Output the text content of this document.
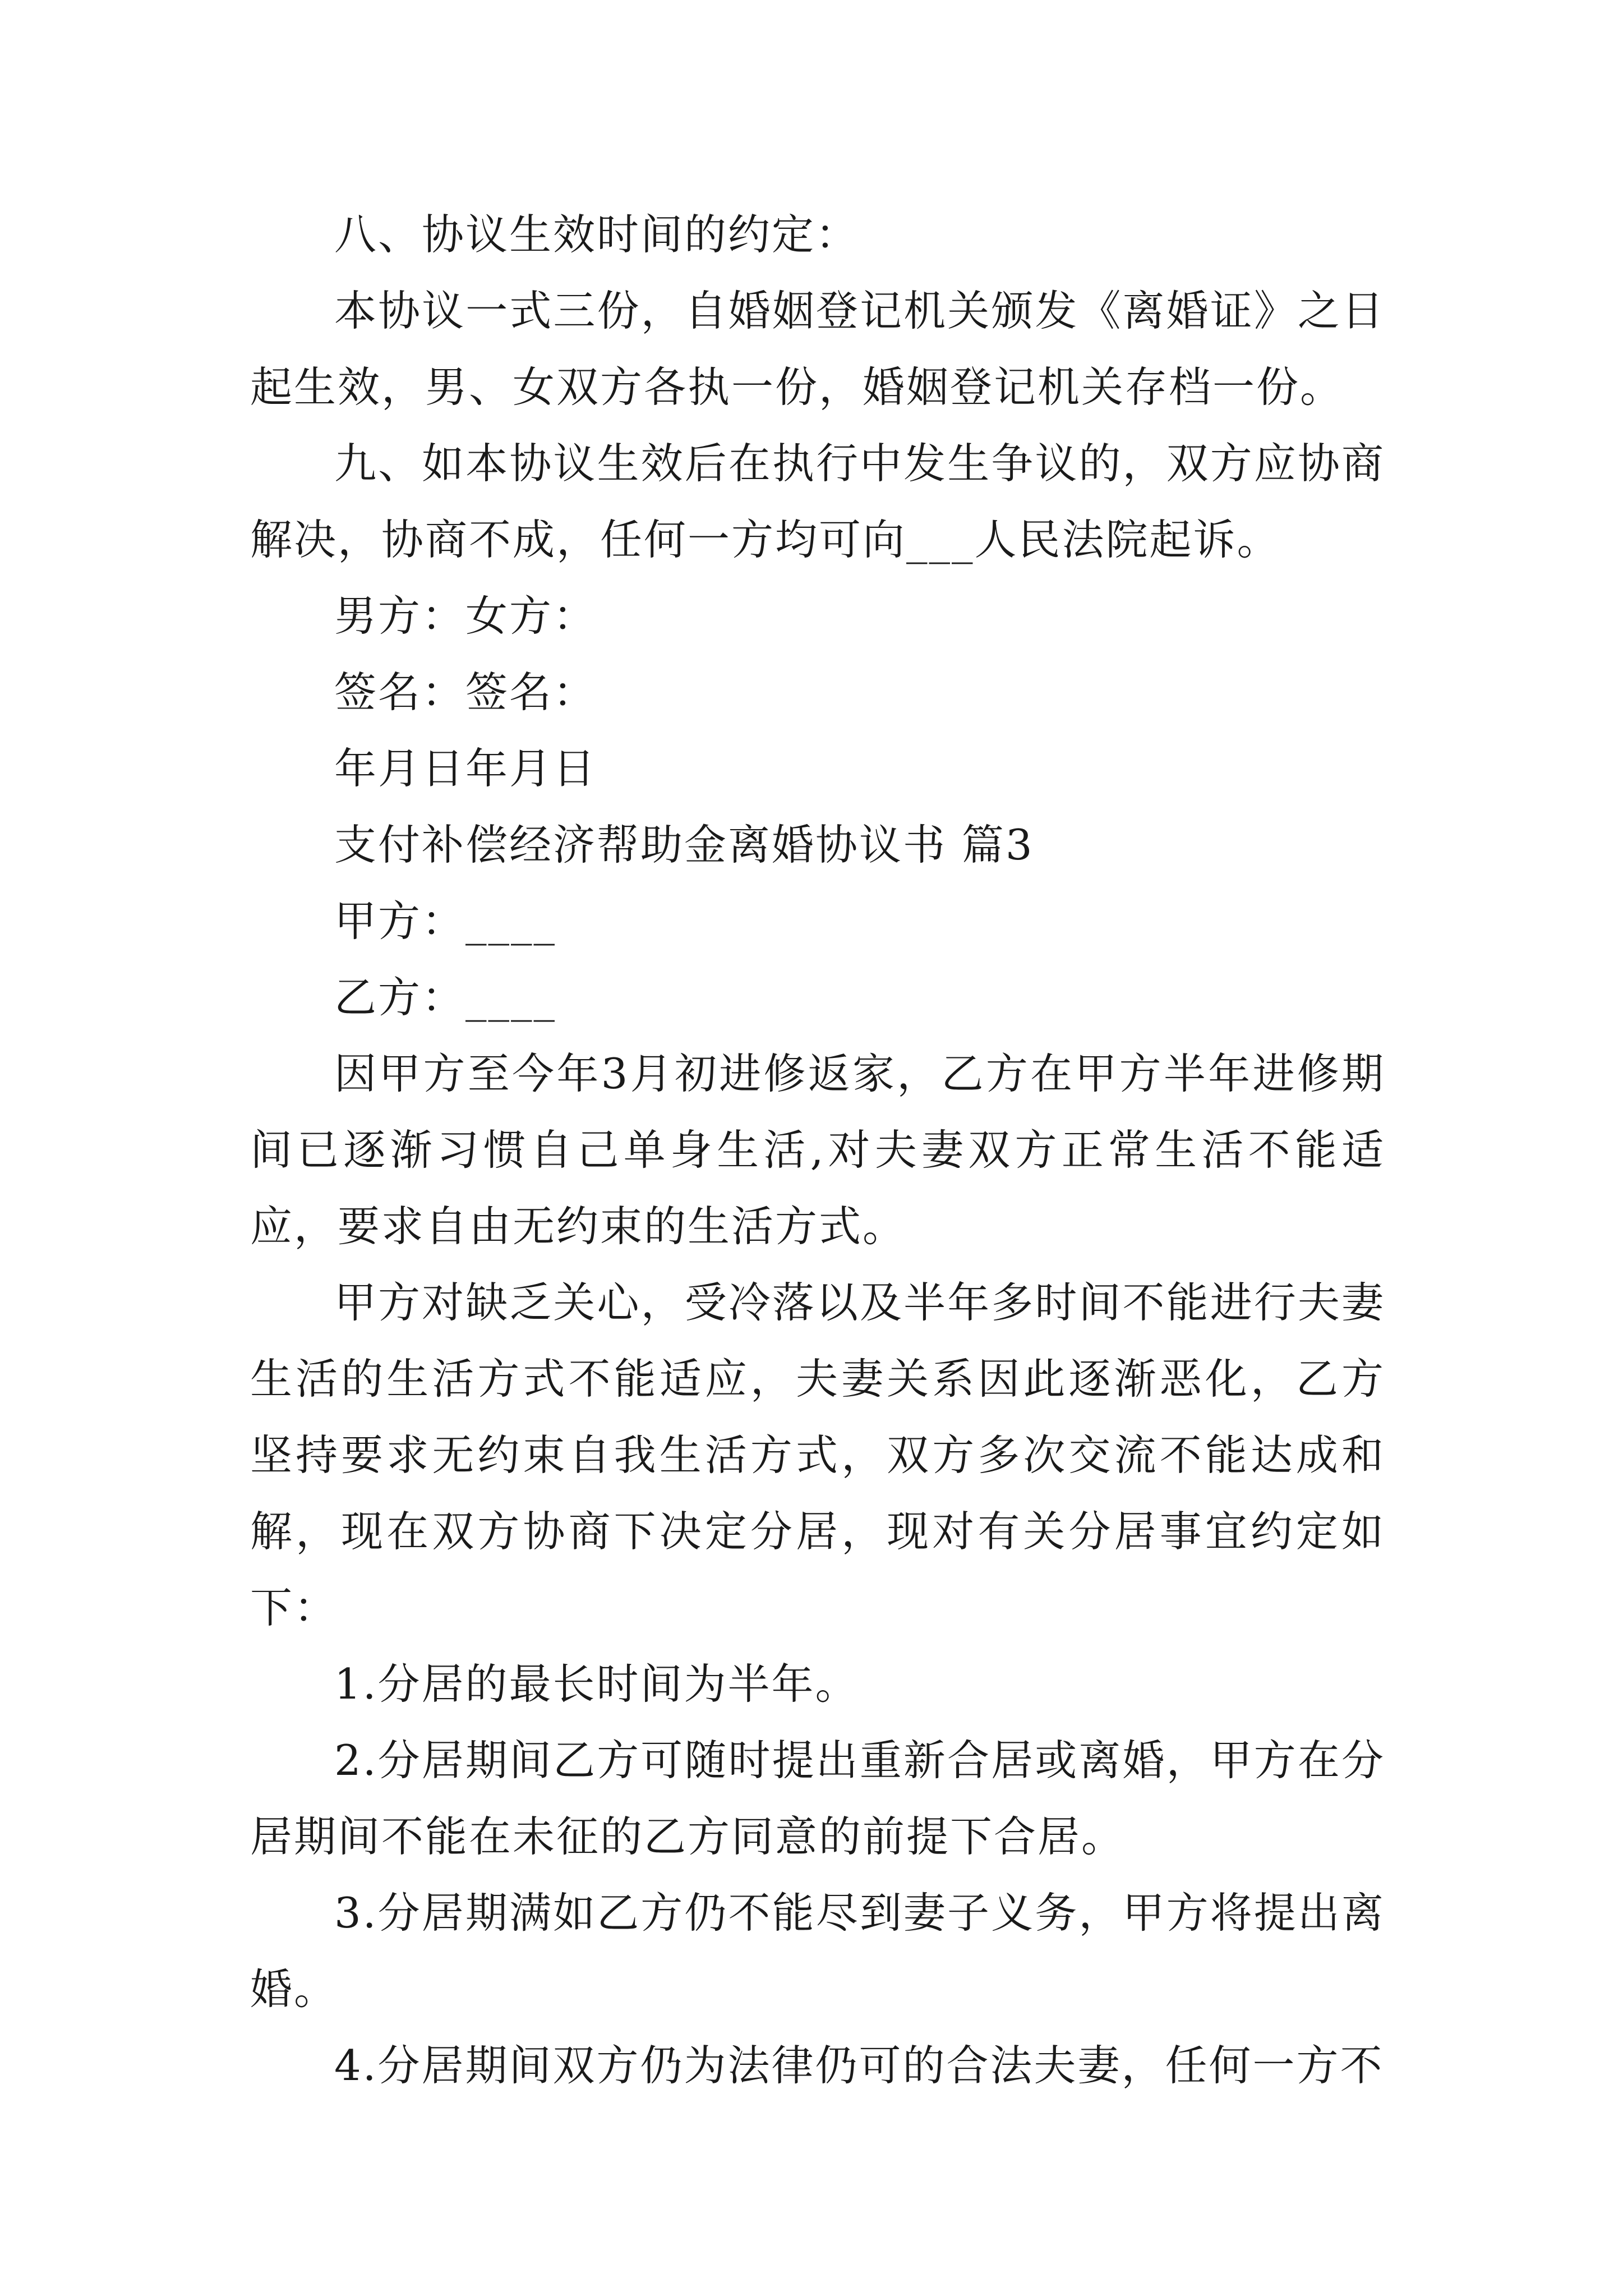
八、协议生效时间的约定：

本协议一式三份，自婚姻登记机关颁发《离婚证》之日起生效，男、女双方各执一份，婚姻登记机关存档一份。

九、如本协议生效后在执行中发生争议的，双方应协商解决，协商不成，任何一方均可向___人民法院起诉。

男方：女方：

签名：签名：

年月日年月日

支付补偿经济帮助金离婚协议书 篇3

甲方：____

乙方：____

因甲方至今年3月初进修返家，乙方在甲方半年进修期间已逐渐习惯自己单身生活,对夫妻双方正常生活不能适应，要求自由无约束的生活方式。

甲方对缺乏关心，受冷落以及半年多时间不能进行夫妻生活的生活方式不能适应，夫妻关系因此逐渐恶化，乙方坚持要求无约束自我生活方式，双方多次交流不能达成和解，现在双方协商下决定分居，现对有关分居事宜约定如下：

1.分居的最长时间为半年。

2.分居期间乙方可随时提出重新合居或离婚，甲方在分居期间不能在未征的乙方同意的前提下合居。

3.分居期满如乙方仍不能尽到妻子义务，甲方将提出离婚。

4.分居期间双方仍为法律仍可的合法夫妻，任何一方不
